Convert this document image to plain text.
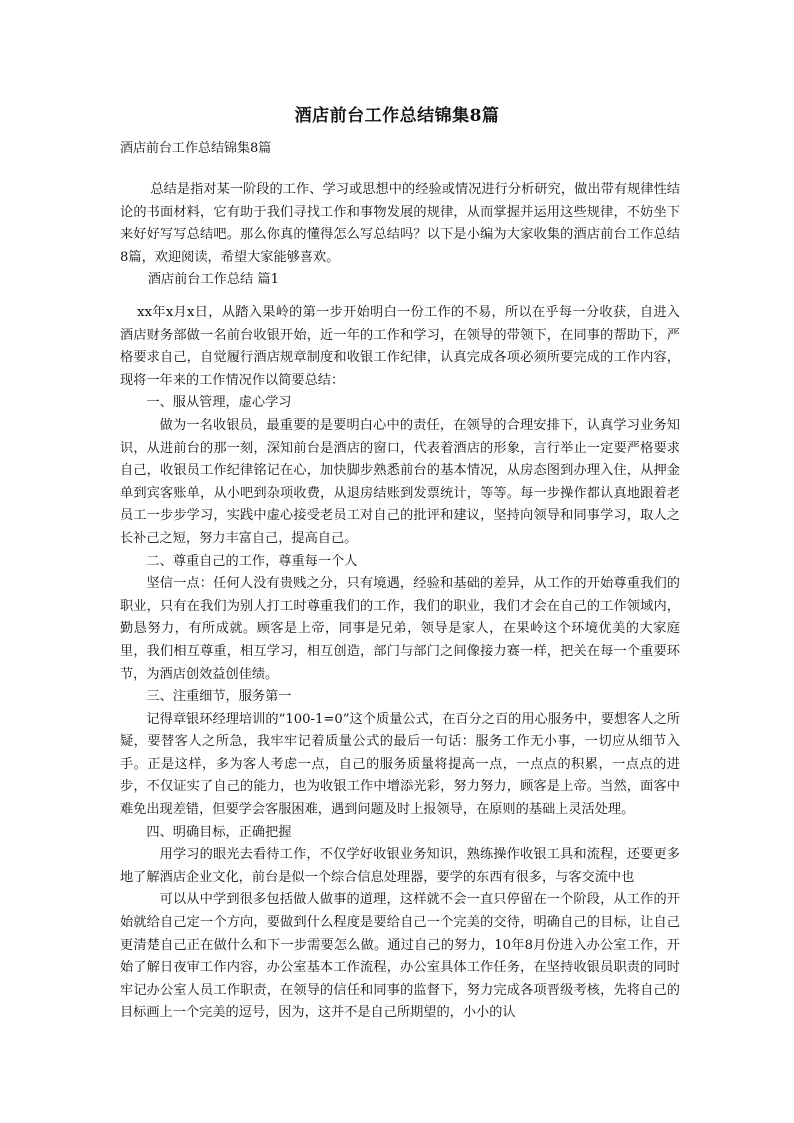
酒店前台工作总结锦集8篇

酒店前台工作总结锦集8篇

总结是指对某一阶段的工作、学习或思想中的经验或情况进行分析研究，做出带有规律性结论的书面材料，它有助于我们寻找工作和事物发展的规律，从而掌握并运用这些规律，不妨坐下来好好写写总结吧。那么你真的懂得怎么写总结吗？以下是小编为大家收集的酒店前台工作总结8篇，欢迎阅读，希望大家能够喜欢。

酒店前台工作总结 篇1

xx年x月x日，从踏入果岭的第一步开始明白一份工作的不易，所以在乎每一分收获，自进入酒店财务部做一名前台收银开始，近一年的工作和学习，在领导的带领下，在同事的帮助下，严格要求自己，自觉履行酒店规章制度和收银工作纪律，认真完成各项必须所要完成的工作内容，现将一年来的工作情况作以简要总结：

一、服从管理，虚心学习

做为一名收银员，最重要的是要明白心中的责任，在领导的合理安排下，认真学习业务知识，从进前台的那一刻，深知前台是酒店的窗口，代表着酒店的形象，言行举止一定要严格要求自己，收银员工作纪律铭记在心，加快脚步熟悉前台的基本情况，从房态图到办理入住，从押金单到宾客账单，从小吧到杂项收费，从退房结账到发票统计，等等。每一步操作都认真地跟着老员工一步步学习，实践中虚心接受老员工对自己的批评和建议，坚持向领导和同事学习，取人之长补己之短，努力丰富自己，提高自己。

二、尊重自己的工作，尊重每一个人

坚信一点：任何人没有贵贱之分，只有境遇，经验和基础的差异，从工作的开始尊重我们的职业，只有在我们为别人打工时尊重我们的工作，我们的职业，我们才会在自己的工作领域内，勤恳努力，有所成就。顾客是上帝，同事是兄弟，领导是家人，在果岭这个环境优美的大家庭里，我们相互尊重，相互学习，相互创造，部门与部门之间像接力赛一样，把关在每一个重要环节，为酒店创效益创佳绩。

三、注重细节，服务第一

记得章银环经理培训的“100-1=0”这个质量公式，在百分之百的用心服务中，要想客人之所疑，要替客人之所急，我牢牢记着质量公式的最后一句话：服务工作无小事，一切应从细节入手。正是这样，多为客人考虑一点，自己的服务质量将提高一点，一点点的积累，一点点的进步，不仅证实了自己的能力，也为收银工作中增添光彩，努力努力，顾客是上帝。当然，面客中难免出现差错，但要学会客服困难，遇到问题及时上报领导，在原则的基础上灵活处理。

四、明确目标，正确把握

用学习的眼光去看待工作，不仅学好收银业务知识，熟练操作收银工具和流程，还要更多地了解酒店企业文化，前台是似一个综合信息处理器，要学的东西有很多，与客交流中也

可以从中学到很多包括做人做事的道理，这样就不会一直只停留在一个阶段，从工作的开始就给自己定一个方向，要做到什么程度是要给自己一个完美的交待，明确自己的目标，让自己更清楚自己正在做什么和下一步需要怎么做。通过自己的努力，10年8月份进入办公室工作，开始了解日夜审工作内容，办公室基本工作流程，办公室具体工作任务，在坚持收银员职责的同时牢记办公室人员工作职责，在领导的信任和同事的监督下，努力完成各项晋级考核，先将自己的目标画上一个完美的逗号，因为，这并不是自己所期望的，小小的认
